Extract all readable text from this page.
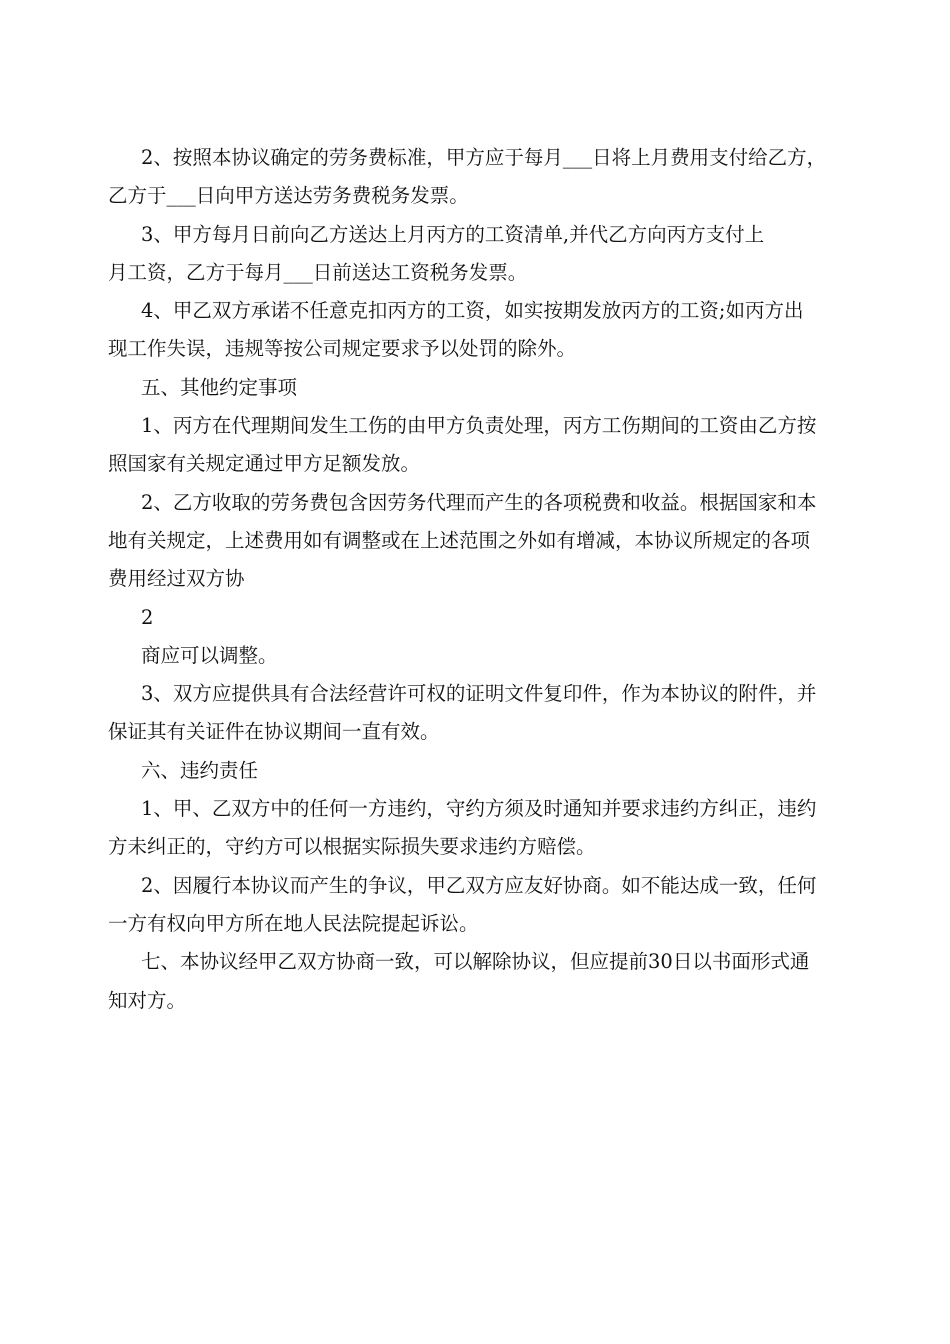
2、按照本协议确定的劳务费标准，甲方应于每月___日将上月费用支付给乙方，

乙方于___日向甲方送达劳务费税务发票。

3、甲方每月日前向乙方送达上月丙方的工资清单,并代乙方向丙方支付上

月工资，乙方于每月___日前送达工资税务发票。

4、甲乙双方承诺不任意克扣丙方的工资，如实按期发放丙方的工资;如丙方出

现工作失误，违规等按公司规定要求予以处罚的除外。

五、其他约定事项

1、丙方在代理期间发生工伤的由甲方负责处理，丙方工伤期间的工资由乙方按

照国家有关规定通过甲方足额发放。

2、乙方收取的劳务费包含因劳务代理而产生的各项税费和收益。根据国家和本

地有关规定，上述费用如有调整或在上述范围之外如有增减，本协议所规定的各项

费用经过双方协

2

商应可以调整。

3、双方应提供具有合法经营许可权的证明文件复印件，作为本协议的附件，并

保证其有关证件在协议期间一直有效。

六、违约责任

1、甲、乙双方中的任何一方违约，守约方须及时通知并要求违约方纠正，违约

方未纠正的，守约方可以根据实际损失要求违约方赔偿。

2、因履行本协议而产生的争议，甲乙双方应友好协商。如不能达成一致，任何

一方有权向甲方所在地人民法院提起诉讼。

七、本协议经甲乙双方协商一致，可以解除协议，但应提前30日以书面形式通

知对方。
